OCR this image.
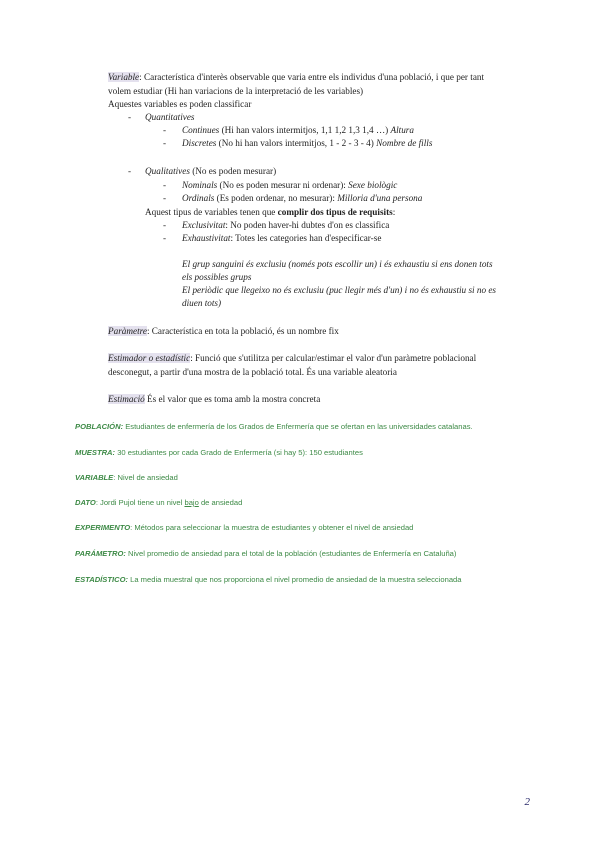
Variable: Característica d'interès observable que varia entre els individus d'una població, i que per tant
volem estudiar (Hi han variacions de la interpretació de les variables)
Aquestes variables es poden classificar
- Quantitatives
- Continues (Hi han valors intermitjos, 1,1 1,2 1,3 1,4 …) Altura
- Discretes (No hi han valors intermitjos, 1 - 2 - 3 - 4) Nombre de fills
- Qualitatives (No es poden mesurar)
- Nominals (No es poden mesurar ni ordenar): Sexe biològic
- Ordinals (Es poden ordenar, no mesurar): Milloria d'una persona
Aquest tipus de variables tenen que complir dos tipus de requisits:
- Exclusivitat: No poden haver-hi dubtes d'on es classifica
- Exhaustivitat: Totes les categories han d'especificar-se
El grup sanguini és exclusiu (només pots escollir un) i és exhaustiu si ens donen tots
els possibles grups
El periòdic que llegeixo no és exclusiu (puc llegir més d'un) i no és exhaustiu si no es
diuen tots)
Paràmetre: Característica en tota la població, és un nombre fix
Estimador o estadístic: Funció que s'utilitza per calcular/estimar el valor d'un paràmetre poblacional
desconegut, a partir d'una mostra de la població total. És una variable aleatoria
Estimació És el valor que es toma amb la mostra concreta
POBLACIÓN: Estudiantes de enfermería de los Grados de Enfermería que se ofertan en las universidades catalanas.
MUESTRA: 30 estudiantes por cada Grado de Enfermería (si hay 5): 150 estudiantes
VARIABLE: Nivel de ansiedad
DATO: Jordi Pujol tiene un nivel bajo de ansiedad
EXPERIMENTO: Métodos para seleccionar la muestra de estudiantes y obtener el nivel de ansiedad
PARÁMETRO: Nivel promedio de ansiedad para el total de la población (estudiantes de Enfermería en Cataluña)
ESTADÍSTICO: La media muestral que nos proporciona el nivel promedio de ansiedad de la muestra seleccionada
2
